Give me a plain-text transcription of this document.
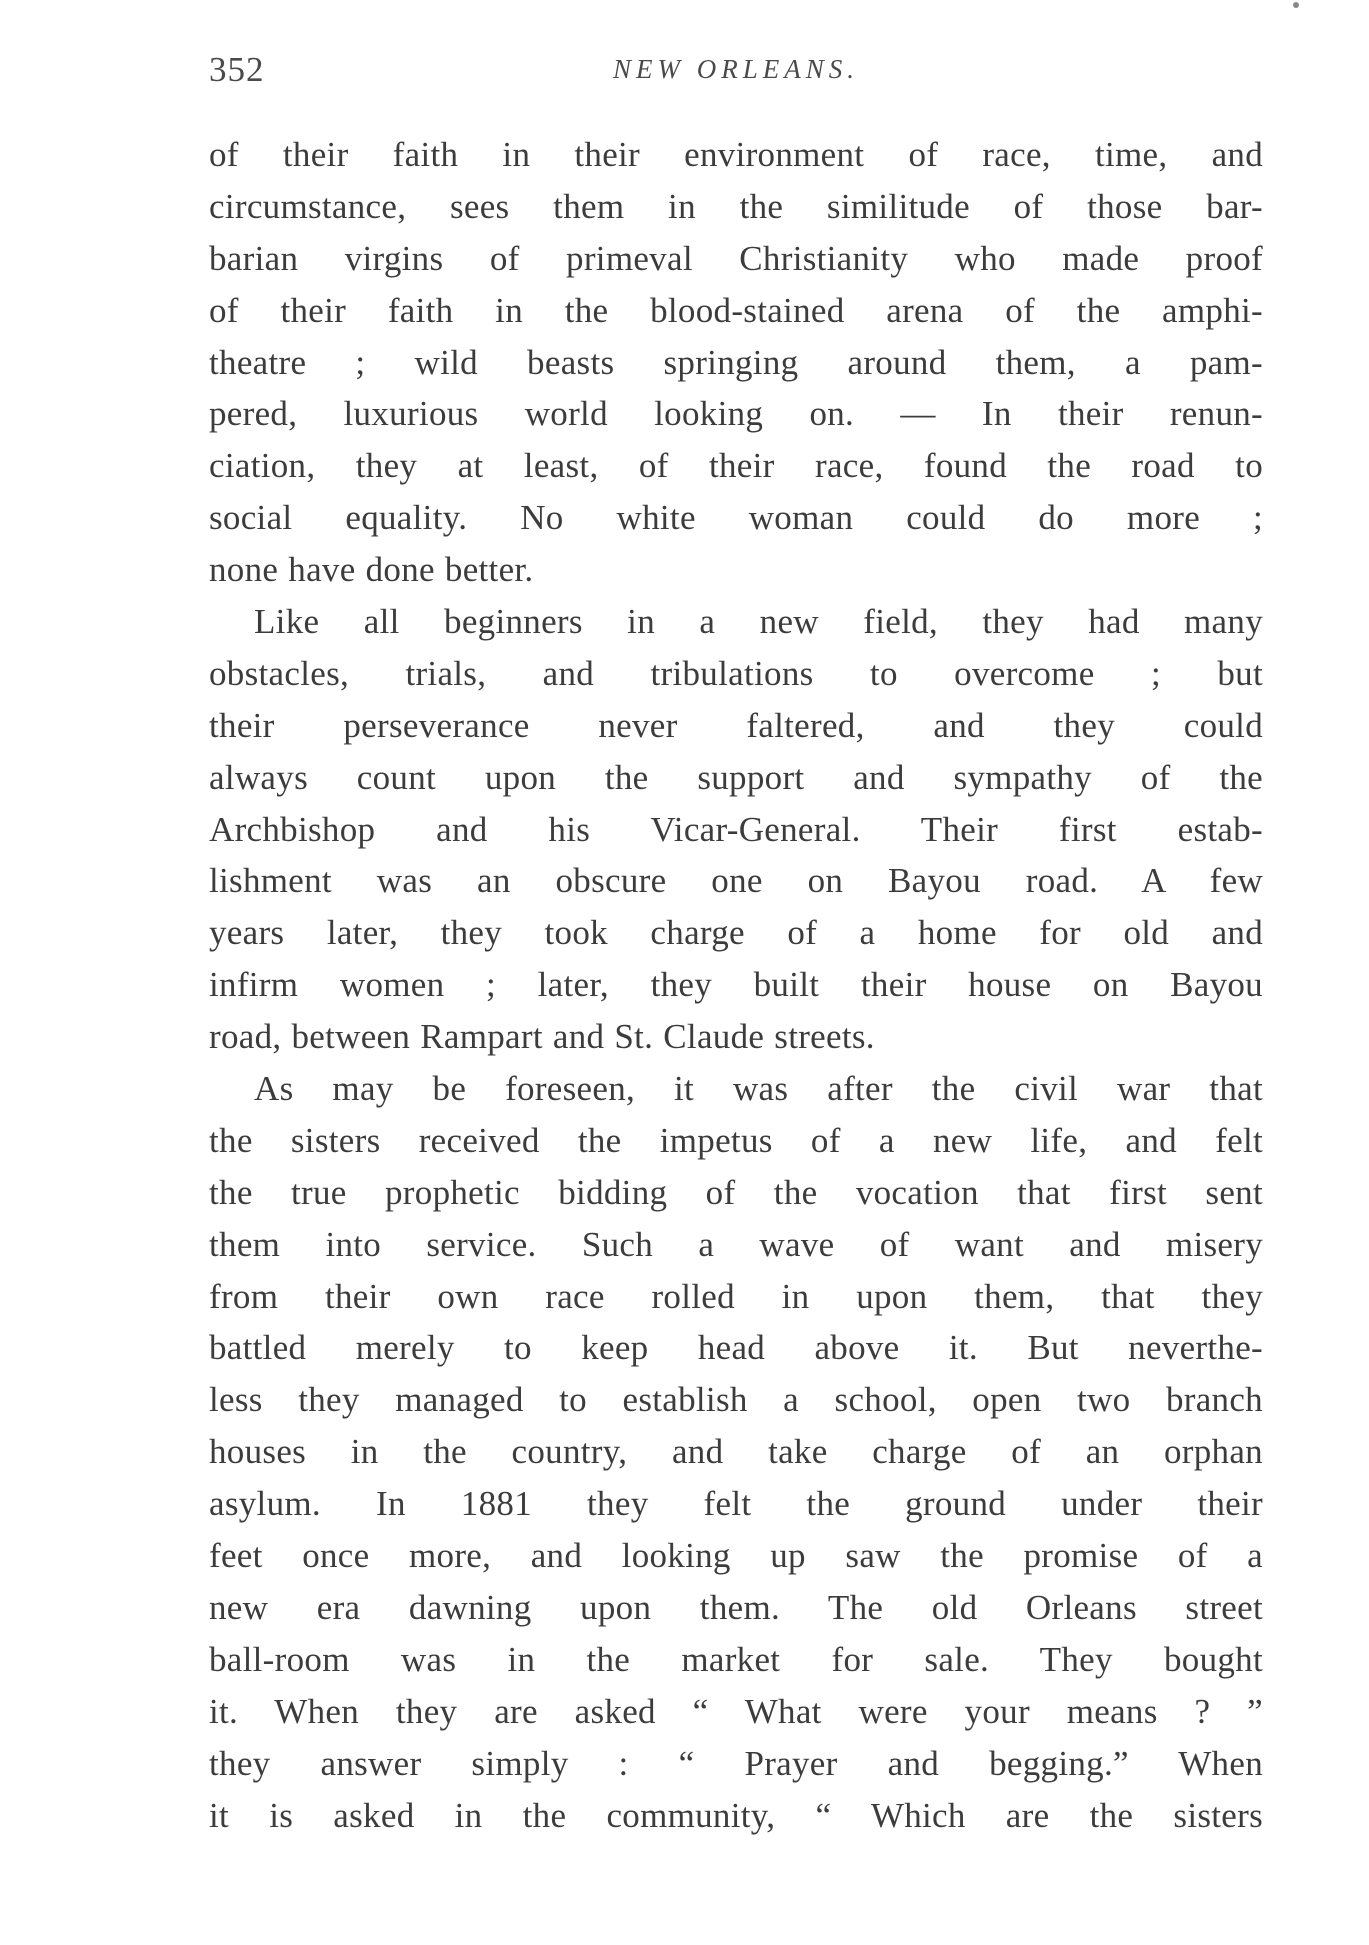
352	NEW ORLEANS.
of their faith in their environment of race, time, and
circumstance, sees them in the similitude of those bar-
barian virgins of primeval Christianity who made proof
of their faith in the blood-stained arena of the amphi-
theatre ; wild beasts springing around them, a pam-
pered, luxurious world looking on. — In their renun-
ciation, they at least, of their race, found the road to
social equality. No white woman could do more ;
none have done better.
Like all beginners in a new field, they had many
obstacles, trials, and tribulations to overcome ; but
their perseverance never faltered, and they could
always count upon the support and sympathy of the
Archbishop and his Vicar-General. Their first estab-
lishment was an obscure one on Bayou road. A few
years later, they took charge of a home for old and
infirm women ; later, they built their house on Bayou
road, between Rampart and St. Claude streets.
As may be foreseen, it was after the civil war that
the sisters received the impetus of a new life, and felt
the true prophetic bidding of the vocation that first sent
them into service. Such a wave of want and misery
from their own race rolled in upon them, that they
battled merely to keep head above it. But neverthe-
less they managed to establish a school, open two branch
houses in the country, and take charge of an orphan
asylum. In 1881 they felt the ground under their
feet once more, and looking up saw the promise of a
new era dawning upon them. The old Orleans street
ball-room was in the market for sale. They bought
it. When they are asked “ What were your means ? ”
they answer simply : “ Prayer and begging.” When
it is asked in the community, “ Which are the sisters
